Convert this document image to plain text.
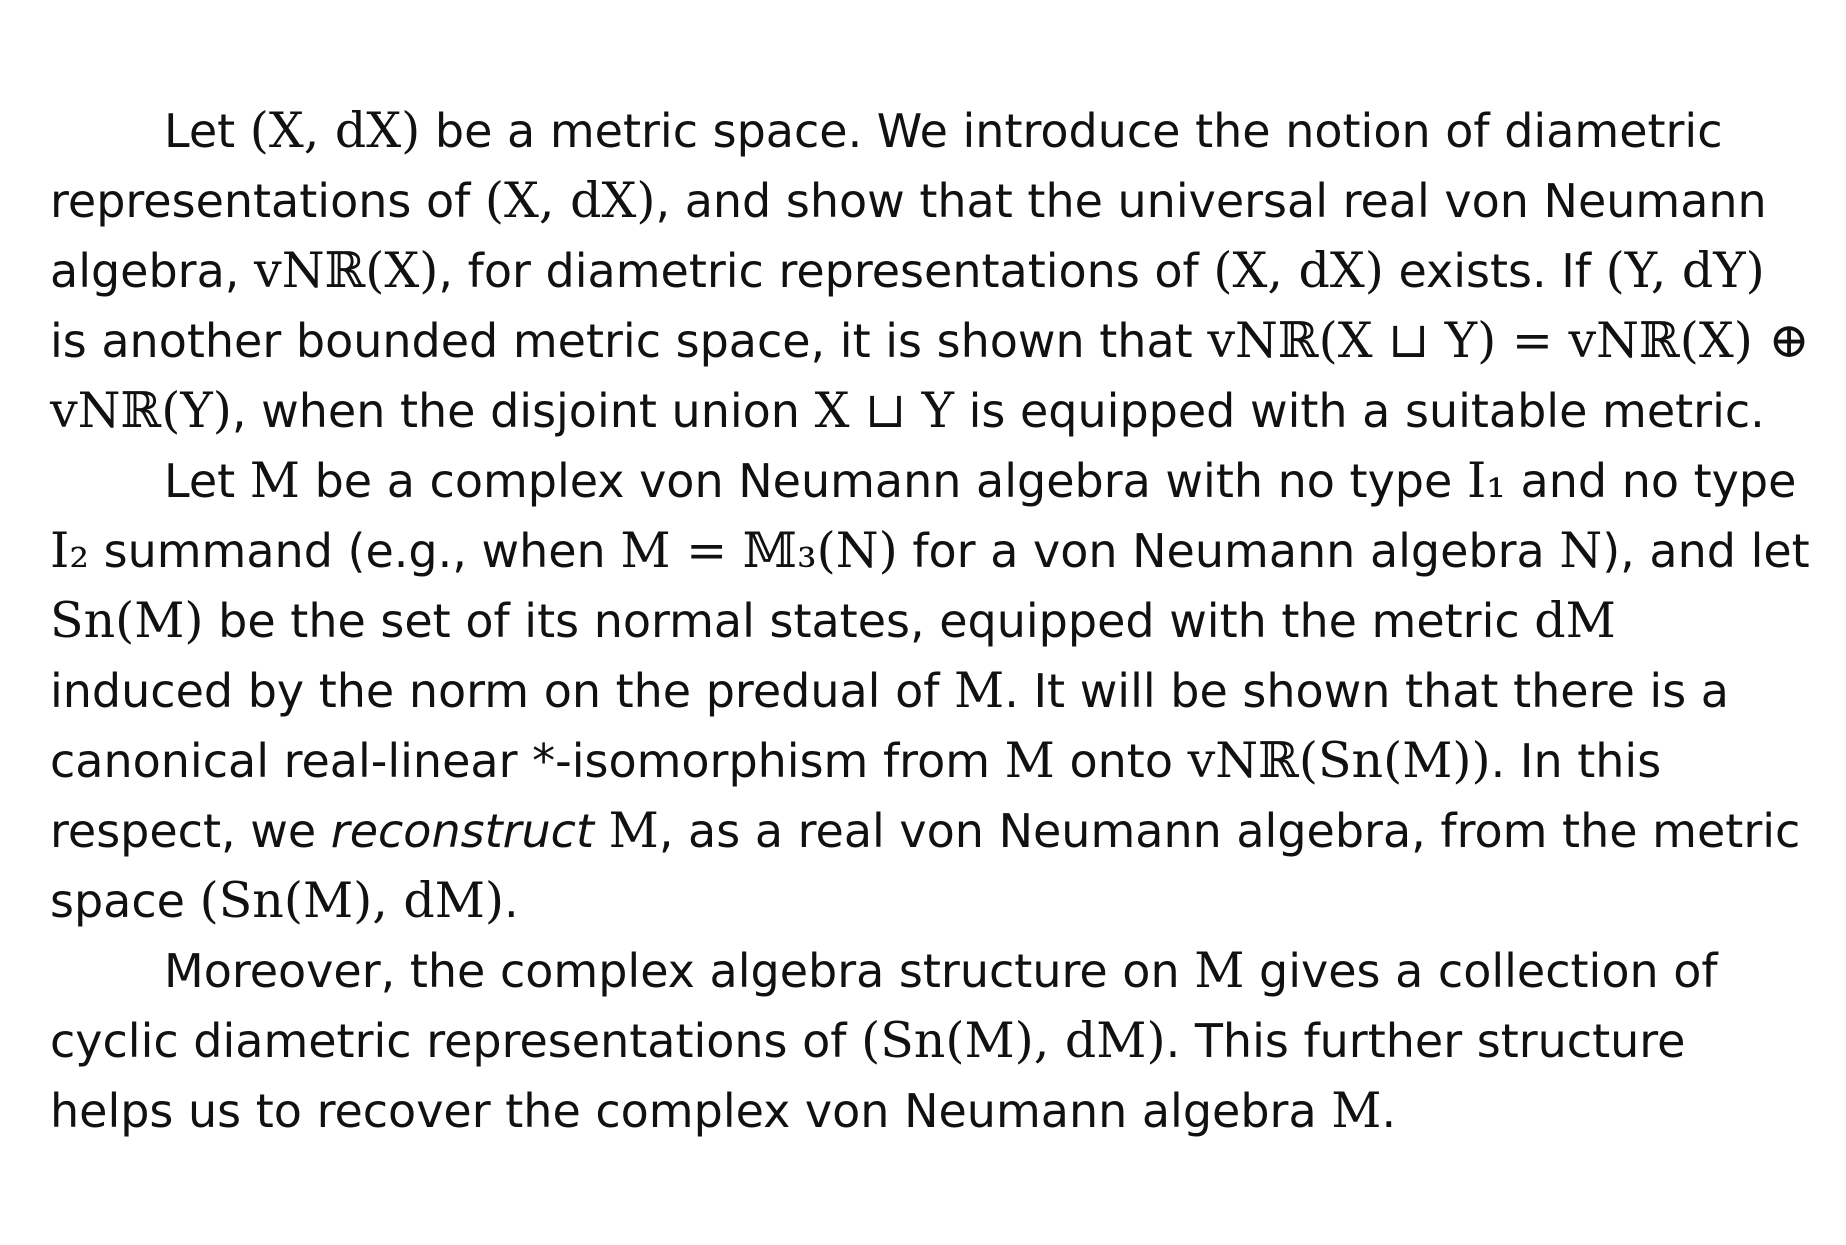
Let (X, dX) be a metric space. We introduce the notion of diametric representations of (X, dX), and show that the universal real von Neumann algebra, vNℝ(X), for diametric representations of (X, dX) exists. If (Y, dY) is another bounded metric space, it is shown that vNℝ(X ⊔ Y) = vNℝ(X) ⊕ vNℝ(Y), when the disjoint union X ⊔ Y is equipped with a suitable metric.

Let M be a complex von Neumann algebra with no type I₁ and no type I₂ summand (e.g., when M = 𝕄₃(N) for a von Neumann algebra N), and let Sn(M) be the set of its normal states, equipped with the metric dM induced by the norm on the predual of M. It will be shown that there is a canonical real-linear *-isomorphism from M onto vNℝ(Sn(M)). In this respect, we reconstruct M, as a real von Neumann algebra, from the metric space (Sn(M), dM).

Moreover, the complex algebra structure on M gives a collection of cyclic diametric representations of (Sn(M), dM). This further structure helps us to recover the complex von Neumann algebra M.
